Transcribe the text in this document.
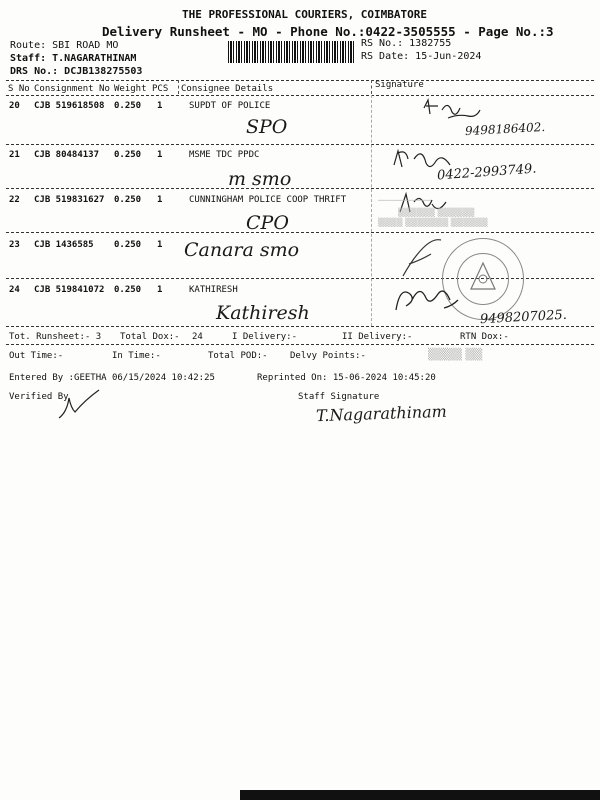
THE PROFESSIONAL COURIERS, COIMBATORE
Delivery Runsheet - MO - Phone No.:0422-3505555 - Page No.:3
Route: SBI ROAD MO
Staff: T.NAGARATHINAM
DRS No.: DCJB138275503
RS No.: 1382755
RS Date: 15-Jun-2024
S No Consignment No Weight PCS Consignee Details	Signature
20 CJB 519618508 0.250 1	SUPDT OF POLICE
SPO	9498186402.
21 CJB 80484137 0.250 1	MSME TDC PPDC
m smo	0422-2993749.
22 CJB 519831627 0.250 1	CUNNINGHAM POLICE COOP THRIFT
CPO
───────────
▒▒▒▒▒▒ ▒▒▒▒▒▒
▒▒▒▒ ▒▒▒▒▒▒▒ ▒▒▒▒▒▒
23 CJB 1436585 0.250 1 Canara smo
24 CJB 519841072 0.250 1	KATHIRESH
Kathiresh	9498207025.
Tot. Runsheet:- 3 Total Dox:- 24	I Delivery:-	II Delivery:-	RTN Dox:-
Out Time:-	In Time:-	Total POD:- Delvy Points:-	▒▒▒▒ ▒▒
Entered By :GEETHA 06/15/2024 10:42:25	Reprinted On: 15-06-2024 10:45:20
Verified By	Staff Signature
T.Nagarathinam
